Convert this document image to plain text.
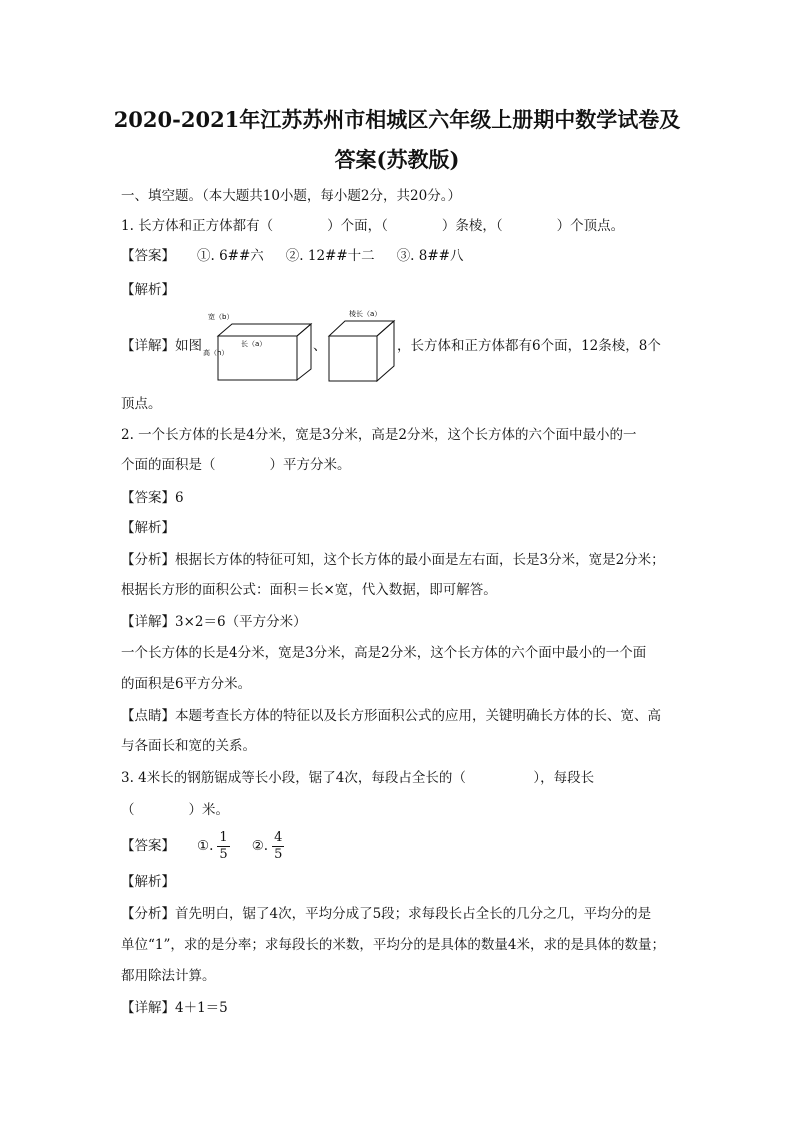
2020-2021年江苏苏州市相城区六年级上册期中数学试卷及
答案(苏教版)
一、填空题。（本大题共10小题，每小题2分，共20分。）
1. 长方体和正方体都有（　　　　）个面，（　　　　）条棱，（　　　　）个顶点。
【答案】 ①. 6##六 ②. 12##十二 ③. 8##八
【解析】
【详解】如图
宽（b）
高（h）
长（a）	、
棱长（a）
，长方体和正方体都有6个面，12条棱，8个
顶点。
2. 一个长方体的长是4分米，宽是3分米，高是2分米，这个长方体的六个面中最小的一
个面的面积是（　　　　）平方分米。
【答案】6
【解析】
【分析】根据长方体的特征可知，这个长方体的最小面是左右面，长是3分米，宽是2分米；
根据长方形的面积公式：面积＝长×宽，代入数据，即可解答。
【详解】3×2＝6（平方分米）
一个长方体的长是4分米，宽是3分米，高是2分米，这个长方体的六个面中最小的一个面
的面积是6平方分米。
【点睛】本题考查长方体的特征以及长方形面积公式的应用，关键明确长方体的长、宽、高
与各面长和宽的关系。
3. 4米长的钢筋锯成等长小段，锯了4次，每段占全长的（　　　　　），每段长
（　　　　）米。
【答案】 ①. $\frac{1}{5}$ ②. $\frac{4}{5}$
【解析】
【分析】首先明白，锯了4次，平均分成了5段；求每段长占全长的几分之几，平均分的是
单位“1”，求的是分率；求每段长的米数，平均分的是具体的数量4米，求的是具体的数量；
都用除法计算。
【详解】4＋1＝5
